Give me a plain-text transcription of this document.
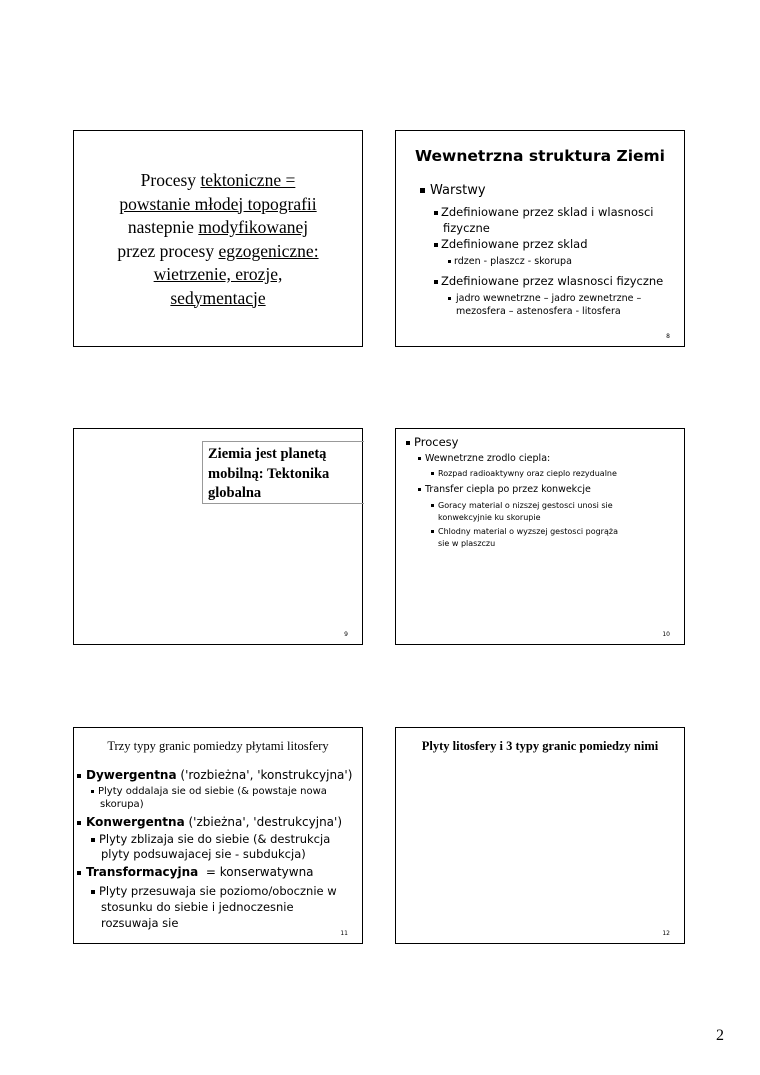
Procesy tektoniczne =
powstanie młodej topografii
nastepnie modyfikowanej
przez procesy egzogeniczne:
wietrzenie, erozje,
sedymentacje
Wewnetrzna struktura Ziemi
Warstwy
Zdefiniowane przez sklad i wlasnosci
fizyczne
Zdefiniowane przez sklad
rdzen - plaszcz - skorupa
Zdefiniowane przez wlasnosci fizyczne
jadro wewnetrzne – jadro zewnetrzne –
mezosfera – astenosfera - litosfera
8
Ziemia jest planetą
mobilną: Tektonika
globalna
9
Procesy
Wewnetrzne zrodlo ciepla:
Rozpad radioaktywny oraz cieplo rezydualne
Transfer ciepla po przez konwekcje
Goracy material o nizszej gestosci unosi sie
konwekcyjnie ku skorupie
Chlodny material o wyzszej gestosci pogrąża
sie w plaszczu
10
Trzy typy granic pomiedzy płytami litosfery
Dywergentna ('rozbieżna', 'konstrukcyjna')
Plyty oddalaja sie od siebie (& powstaje nowa
skorupa)
Konwergentna ('zbieżna', 'destrukcyjna')
Plyty zblizaja sie do siebie (& destrukcja
plyty podsuwajacej sie - subdukcja)
Transformacyjna  = konserwatywna
Plyty przesuwaja sie poziomo/obocznie w
stosunku do siebie i jednoczesnie
rozsuwaja sie
11
Plyty litosfery i 3 typy granic pomiedzy nimi
12
2
